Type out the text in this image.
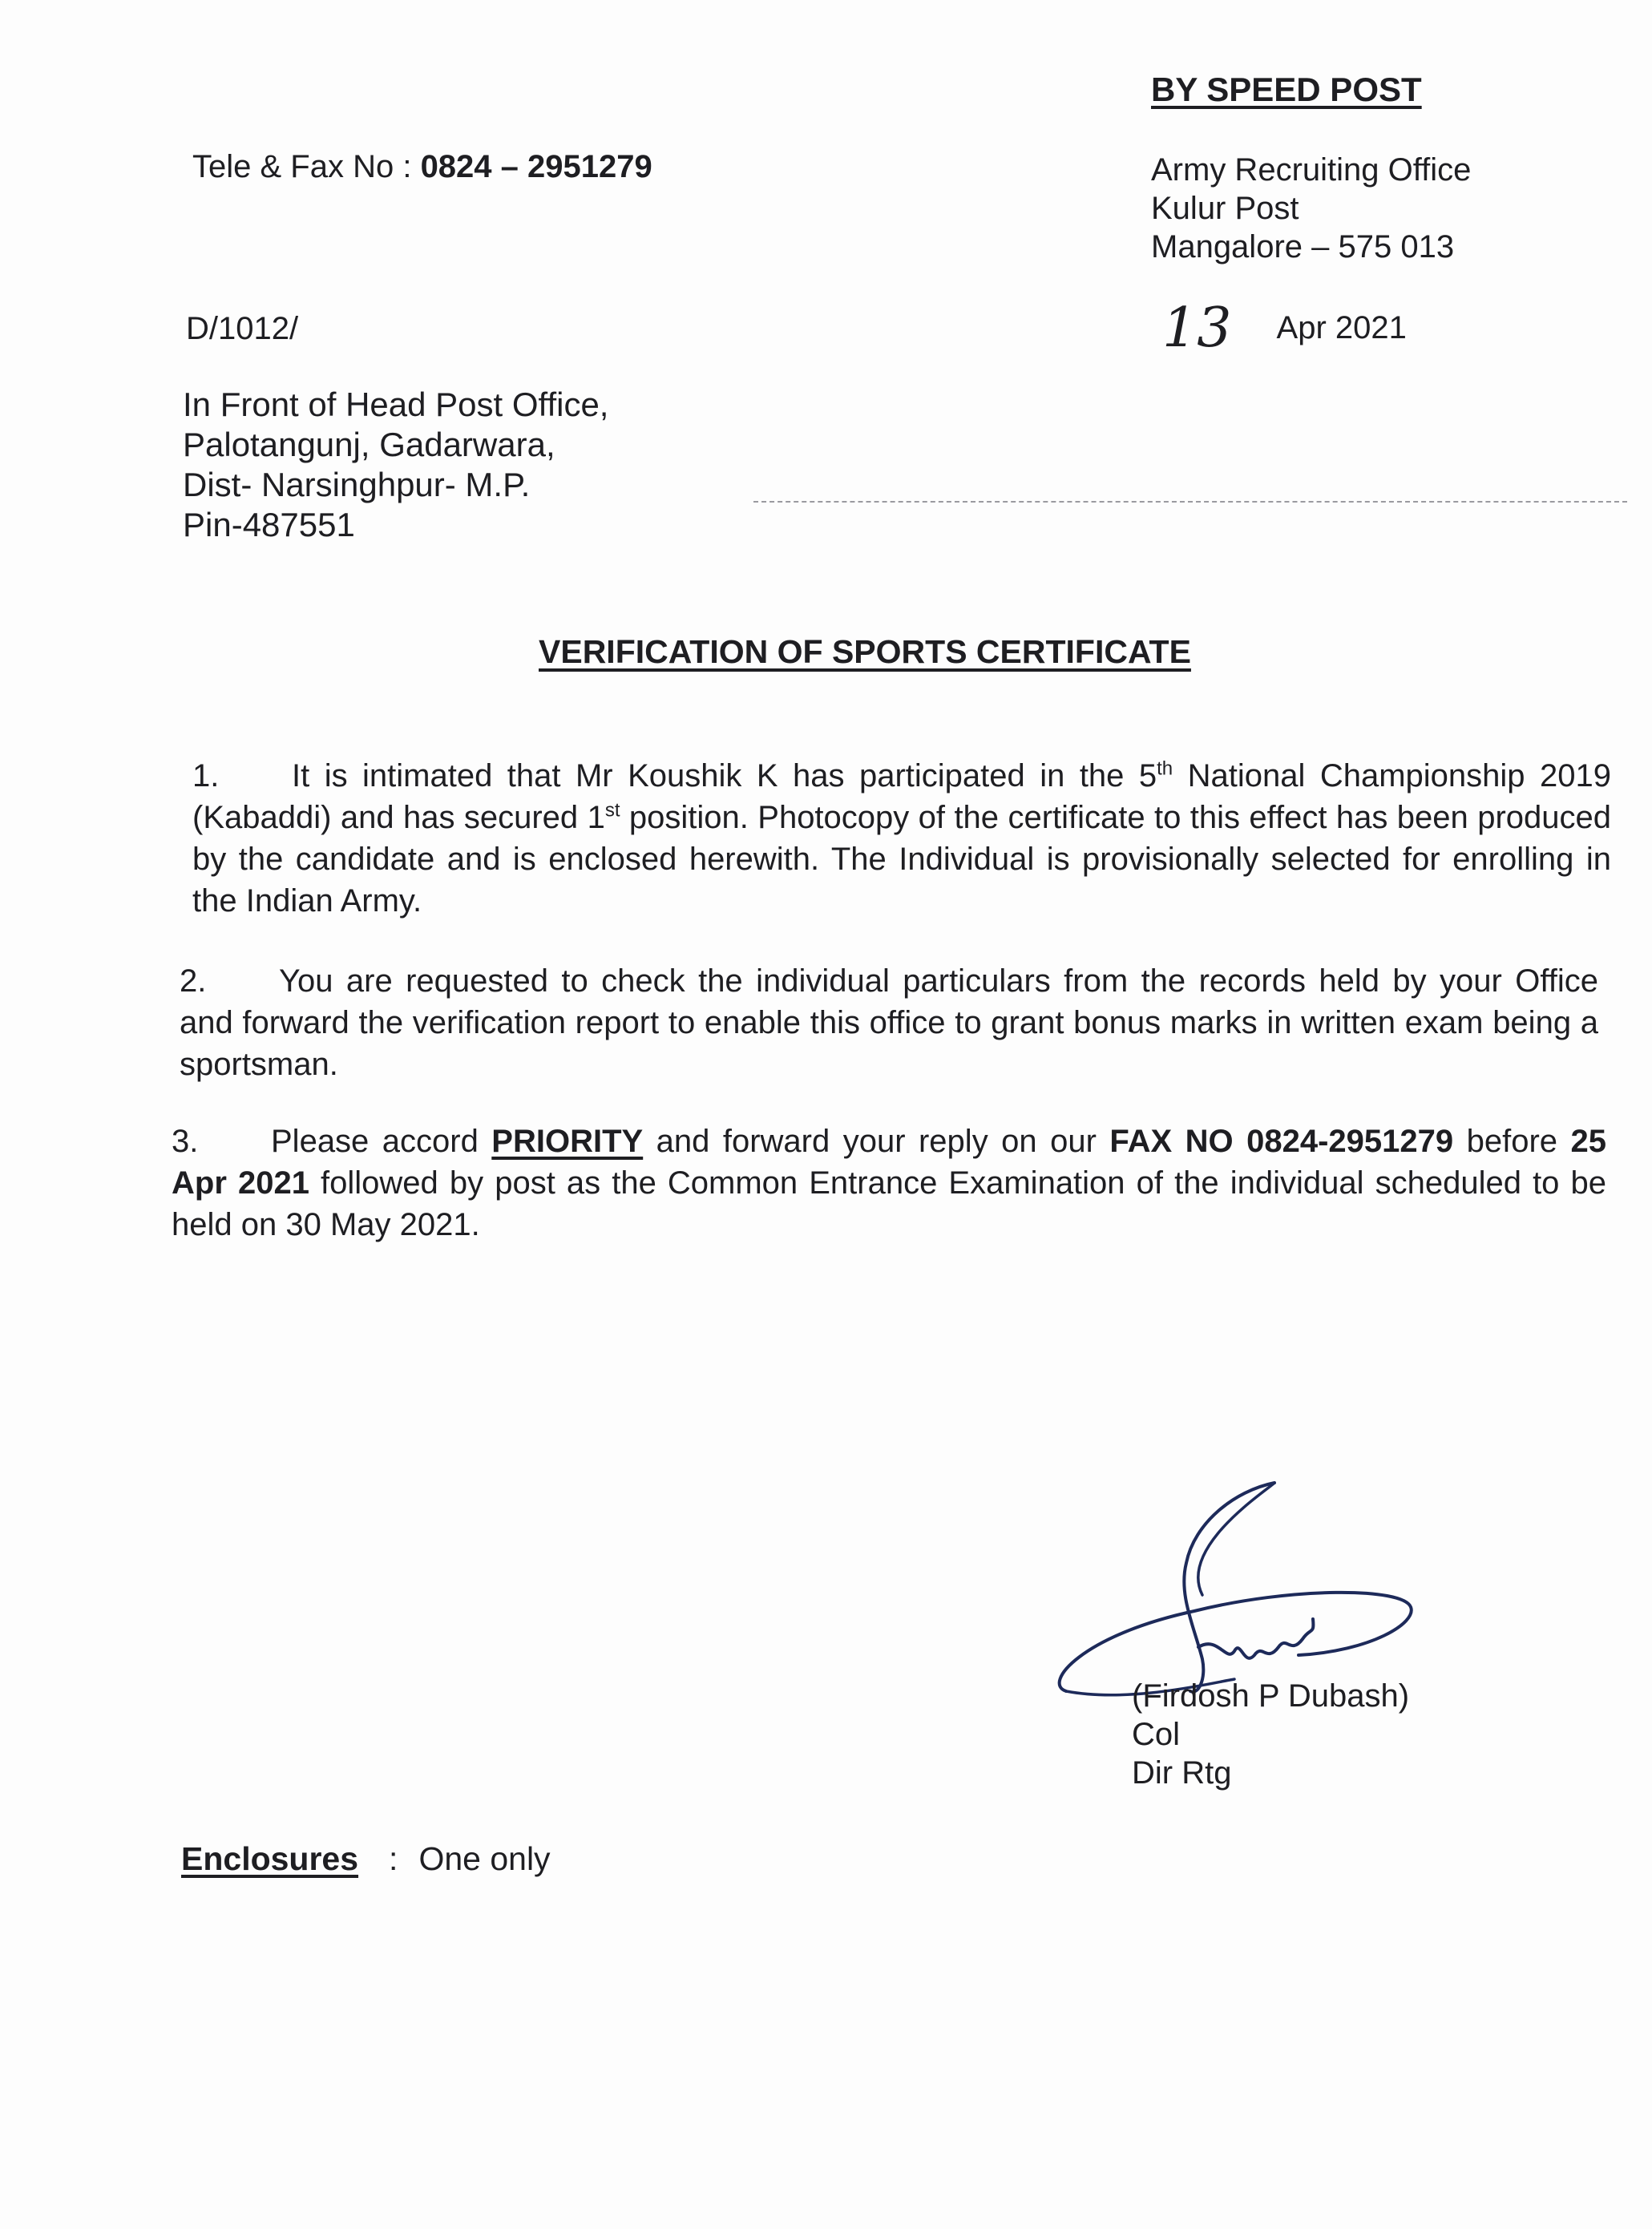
BY SPEED POST
Tele & Fax No : 0824 – 2951279	Army Recruiting Office
Kulur Post
Mangalore – 575 013
D/1012/	13 Apr 2021
In Front of Head Post Office,
Palotangunj, Gadarwara,
Dist- Narsinghpur- M.P.
Pin-487551
VERIFICATION OF SPORTS CERTIFICATE
1. It is intimated that Mr Koushik K has participated in the 5th National Championship 2019 (Kabaddi) and has secured 1st position. Photocopy of the certificate to this effect has been produced by the candidate and is enclosed herewith. The Individual is provisionally selected for enrolling in the Indian Army.
2. You are requested to check the individual particulars from the records held by your Office and forward the verification report to enable this office to grant bonus marks in written exam being a sportsman.
3. Please accord PRIORITY and forward your reply on our FAX NO 0824-2951279 before 25 Apr 2021 followed by post as the Common Entrance Examination of the individual scheduled to be held on 30 May 2021.
(Firdosh P Dubash)
Col
Dir Rtg
Enclosures : One only
